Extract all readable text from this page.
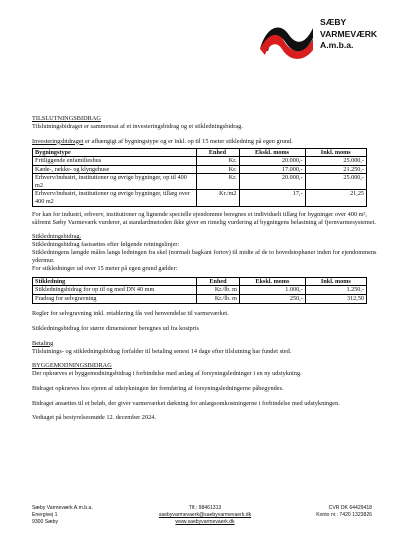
SÆBY
VARMEVÆRK
A.m.b.a.

TILSLUTNINGSBIDRAG

Tilslutningsbidraget er sammensat af et investeringsbidrag og et stikledningsbidrag.

Investeringsbidraget er afhængigt af bygningstype og er inkl. op til 15 meter stikledning på egen grund.

Bygningstype	Enhed	Ekskl. moms	Inkl. moms
Fritliggende enfamilieshus	Kr.	20.000,-	25.000,-
Kæde-, række- og klyngehuse	Kr.	17.000,-	21.250,-
Erhverv/industri, institutioner og øvrige bygninger, op til 400 m2	Kr.	20.000,-	25.000,-
Erhverv/industri, institutioner og øvrige bygninger, tillæg over 400 m2	Kr./m2	17,-	21,25

For kan for industri, erhverv, institutioner og lignende specielle ejendomme beregnes et individuelt tillæg for bygninger over 400 m², såfremt Sæby Varmeværk vurderer, at standardmetoden ikke giver en rimelig vurdering af bygningens belastning af fjernvarmesystemet.

Stikledningsbidrag.

Stikledningsbidrag fastsættes efter følgende retningslinjer:

Stikledningens længde måles langs ledningen fra skel (normalt bagkant fortov) til midte af de to hovedstophaner inden for ejendommens ydermur.

For stikledninger ud over 15 meter på egen grund gælder:

Stikledning	Enhed	Ekskl. moms	Inkl. moms
Stikledningsbidrag for op til og med DN 40 mm	Kr./lb. m	1.000,-	1.250,-
Fradrag for selvgravning	Kr./lb. m	250,-	312,50

Regler for selvgravning inkl. retablering fås ved henvendelse til varmeværket.

Stikledningsbidrag for større dimensioner beregnes ud fra kostpris

Betaling

Tilslutnings- og stikledningsbidrag forfalder til betaling senest 14 dage efter tilslutning har fundet sted.

BYGGEMODNINGSBIDRAG

Der opkræves et byggemodningsbidrag i forbindelse med anlæg af forsyningsledninger i en ny udstykning.

Bidraget opkræves hos ejeren af udstykningen før fremføring af forsyningsledningerne påbegyndes.

Bidraget ansættes til et beløb, der giver varmeværket dækning for anlægsomkostningerne i forbindelse med udstykningen.

Vedtaget på bestyrelsesmøde 12. december 2024.

Sæby Varmeværk A.m.b.a.
Energivej 1
9300 Sæby
Tlf.: 98461313
saebyvarmevaerk@saebyvarmevaerk.dk
www.saebyvarmevaerk.dk
CVR DK 64429418
Konto nr.: 7420 1323826
